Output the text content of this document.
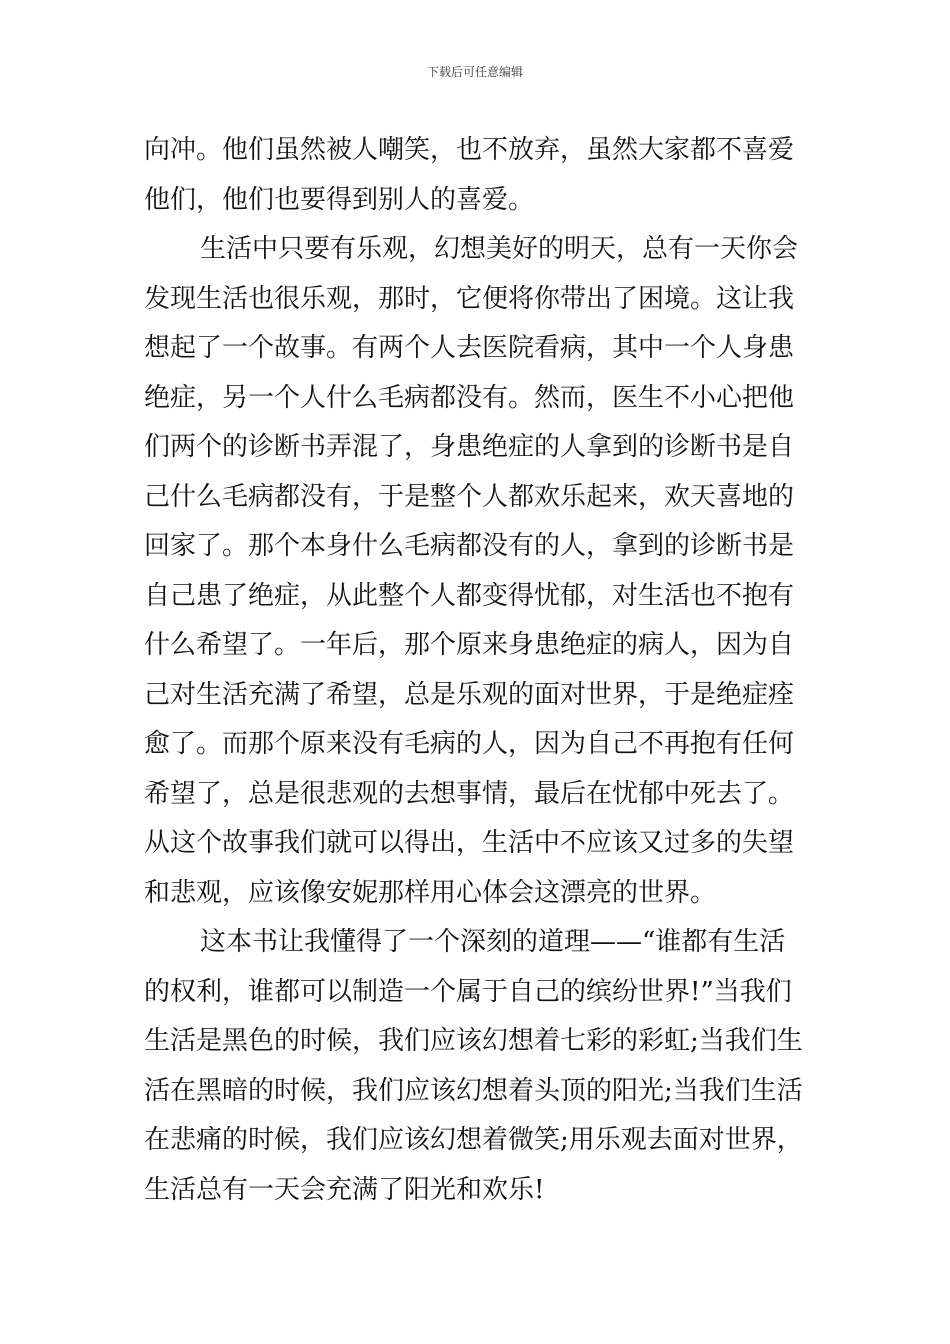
下载后可任意编辑
向冲。他们虽然被人嘲笑，也不放弃，虽然大家都不喜爱
他们，他们也要得到别人的喜爱。
生活中只要有乐观，幻想美好的明天，总有一天你会
发现生活也很乐观，那时，它便将你带出了困境。这让我
想起了一个故事。有两个人去医院看病，其中一个人身患
绝症，另一个人什么毛病都没有。然而，医生不小心把他
们两个的诊断书弄混了，身患绝症的人拿到的诊断书是自
己什么毛病都没有，于是整个人都欢乐起来，欢天喜地的
回家了。那个本身什么毛病都没有的人，拿到的诊断书是
自己患了绝症，从此整个人都变得忧郁，对生活也不抱有
什么希望了。一年后，那个原来身患绝症的病人，因为自
己对生活充满了希望，总是乐观的面对世界，于是绝症痊
愈了。而那个原来没有毛病的人，因为自己不再抱有任何
希望了，总是很悲观的去想事情，最后在忧郁中死去了。
从这个故事我们就可以得出，生活中不应该又过多的失望
和悲观，应该像安妮那样用心体会这漂亮的世界。
这本书让我懂得了一个深刻的道理——“谁都有生活
的权利，谁都可以制造一个属于自己的缤纷世界!”当我们
生活是黑色的时候，我们应该幻想着七彩的彩虹;当我们生
活在黑暗的时候，我们应该幻想着头顶的阳光;当我们生活
在悲痛的时候，我们应该幻想着微笑;用乐观去面对世界，
生活总有一天会充满了阳光和欢乐!
